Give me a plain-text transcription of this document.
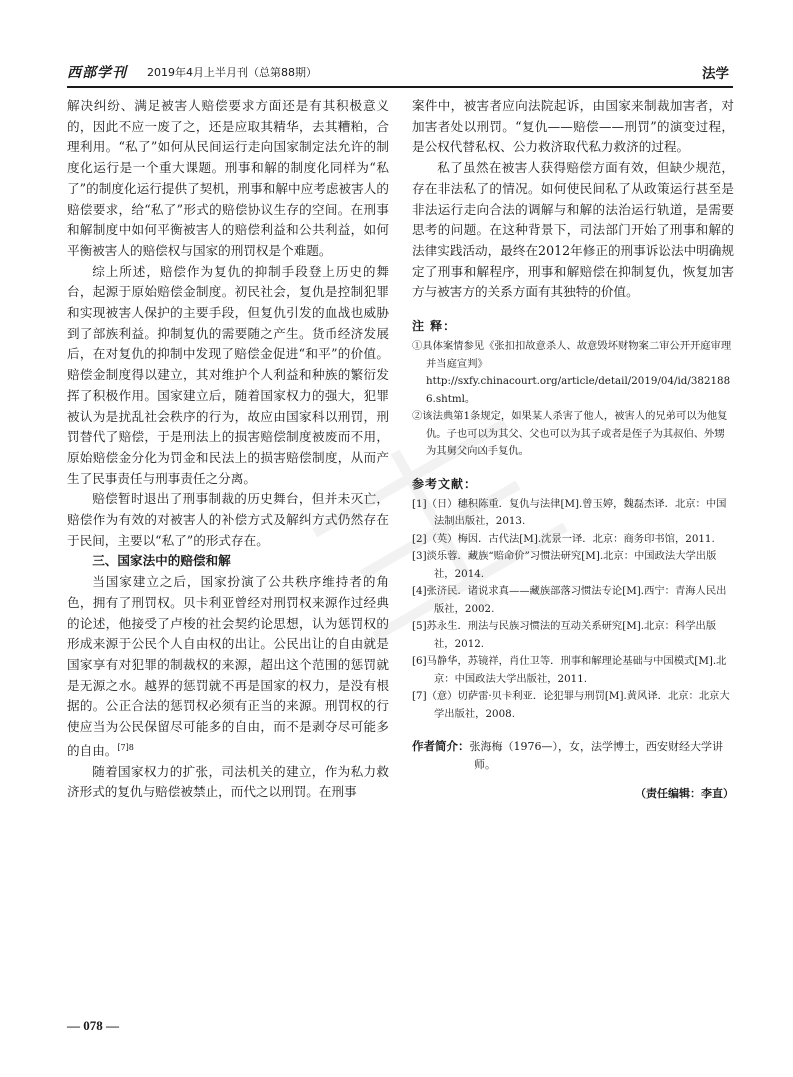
西部学刊 2019年4月上半月刊（总第88期）	法学

解决纠纷、满足被害人赔偿要求方面还是有其积极意义的，因此不应一废了之，还是应取其精华，去其糟粕，合理利用。“私了”如何从民间运行走向国家制定法允许的制度化运行是一个重大课题。刑事和解的制度化同样为“私了”的制度化运行提供了契机，刑事和解中应考虑被害人的赔偿要求，给“私了”形式的赔偿协议生存的空间。在刑事和解制度中如何平衡被害人的赔偿利益和公共利益，如何平衡被害人的赔偿权与国家的刑罚权是个难题。

综上所述，赔偿作为复仇的抑制手段登上历史的舞台，起源于原始赔偿金制度。初民社会，复仇是控制犯罪和实现被害人保护的主要手段，但复仇引发的血战也威胁到了部族利益。抑制复仇的需要随之产生。货币经济发展后，在对复仇的抑制中发现了赔偿金促进“和平”的价值。赔偿金制度得以建立，其对维护个人利益和种族的繁衍发挥了积极作用。国家建立后，随着国家权力的强大，犯罪被认为是扰乱社会秩序的行为，故应由国家科以刑罚，刑罚替代了赔偿，于是刑法上的损害赔偿制度被废而不用，原始赔偿金分化为罚金和民法上的损害赔偿制度，从而产生了民事责任与刑事责任之分离。

赔偿暂时退出了刑事制裁的历史舞台，但并未灭亡，赔偿作为有效的对被害人的补偿方式及解纠方式仍然存在于民间，主要以“私了”的形式存在。

三、国家法中的赔偿和解

当国家建立之后，国家扮演了公共秩序维持者的角色，拥有了刑罚权。贝卡利亚曾经对刑罚权来源作过经典的论述，他接受了卢梭的社会契约论思想，认为惩罚权的形成来源于公民个人自由权的出让。公民出让的自由就是国家享有对犯罪的制裁权的来源，超出这个范围的惩罚就是无源之水。越界的惩罚就不再是国家的权力，是没有根据的。公正合法的惩罚权必须有正当的来源。刑罚权的行使应当为公民保留尽可能多的自由，而不是剥夺尽可能多的自由。$^{[7]8}$

随着国家权力的扩张，司法机关的建立，作为私力救济形式的复仇与赔偿被禁止，而代之以刑罚。在刑事

案件中，被害者应向法院起诉，由国家来制裁加害者，对加害者处以刑罚。“复仇——赔偿——刑罚”的演变过程，是公权代替私权、公力救济取代私力救济的过程。

私了虽然在被害人获得赔偿方面有效，但缺少规范，存在非法私了的情况。如何使民间私了从政策运行甚至是非法运行走向合法的调解与和解的法治运行轨道，是需要思考的问题。在这种背景下，司法部门开始了刑事和解的法律实践活动，最终在2012年修正的刑事诉讼法中明确规定了刑事和解程序，刑事和解赔偿在抑制复仇，恢复加害方与被害方的关系方面有其独特的价值。

注 释：

①具体案情参见《张扣扣故意杀人、故意毁坏财物案二审公开开庭审理并当庭宣判》http://sxfy.chinacourt.org/article/detail/2019/04/id/3821886.shtml。

②该法典第1条规定，如果某人杀害了他人，被害人的兄弟可以为他复仇。子也可以为其父、父也可以为其子或者是侄子为其叔伯、外甥为其舅父向凶手复仇。

参考文献：

[1]（日）穗积陈重．复仇与法律[M].曾玉婷，魏磊杰译．北京：中国法制出版社，2013.

[2]（英）梅因．古代法[M].沈景一译．北京：商务印书馆，2011.

[3]淡乐蓉．藏族“赔命价”习惯法研究[M].北京：中国政法大学出版社，2014.

[4]张济民．诸说求真——藏族部落习惯法专论[M].西宁：青海人民出版社，2002.

[5]苏永生．刑法与民族习惯法的互动关系研究[M].北京：科学出版社，2012.

[6]马静华，苏镜祥，肖仕卫等．刑事和解理论基础与中国模式[M].北京：中国政法大学出版社，2011.

[7]（意）切萨雷·贝卡利亚．论犯罪与刑罚[M].黄风译．北京：北京大学出版社，2008.

作者简介：张海梅（1976—），女，法学博士，西安财经大学讲师。

（责任编辑：李直）
— 078 —
